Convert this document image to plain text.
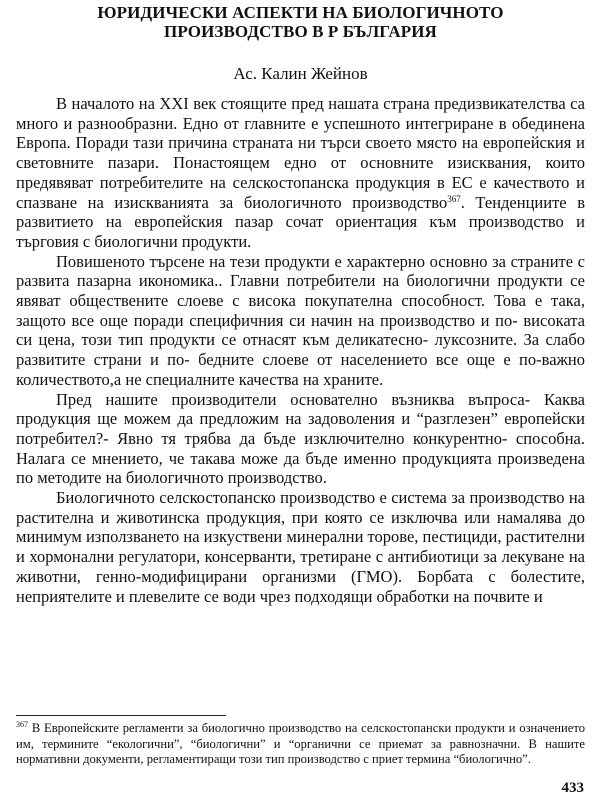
ЮРИДИЧЕСКИ АСПЕКТИ НА БИОЛОГИЧНОТО
ПРОИЗВОДСТВО В Р БЪЛГАРИЯ
Ас. Калин Жейнов

В началото на XXI век стоящите пред нашата страна предизвикателства са много и разнообразни. Едно от главните е успешното интегриране в обединена Европа. Поради тази причина страната ни търси своето място на европейския и световните пазари. Понастоящем едно от основните изисквания, които предявяват потребителите на селскостопанска продукция в ЕС е качеството и спазване на изискванията за биологичното производство$^{367}$. Тенденциите в развитието на европейския пазар сочат ориентация към производство и търговия с биологични продукти.

Повишеното търсене на тези продукти е характерно основно за страните с развита пазарна икономика.. Главни потребители на биологични продукти се явяват обществените слоеве с висока покупателна способност. Това е така, защото все още поради специфичния си начин на производство и по- високата си цена, този тип продукти се отнасят към деликатесно- луксозните. За слабо развитите страни и по- бедните слоеве от населението все още е по-важно количеството,а не специалните качества на храните.

Пред нашите производители основателно възниква въпроса- Каква продукция ще можем да предложим на задоволения и “разглезен” европейски потребител?- Явно тя трябва да бъде изключително конкурентно- способна. Налага се мнението, че такава може да бъде именно продукцията произведена по методите на биологичното производство.

Биологичното селскостопанско производство е система за производство на растителна и животинска продукция, при която се изключва или намалява до минимум използването на изкуствени минерални торове, пестициди, растителни и хормонални регулатори, консерванти, третиране с антибиотици за лекуване на животни, генно-модифицирани организми (ГМО). Борбата с болестите, неприятелите и плевелите се води чрез подходящи обработки на почвите и

$^{367}$ В Европейските регламенти за биологично производство на селскостопански продукти и означението им, термините “екологични”, “биологични” и “органични се приемат за равнозначни. В нашите нормативни документи, регламентиращи този тип производство с приет термина “биологично”.
433
